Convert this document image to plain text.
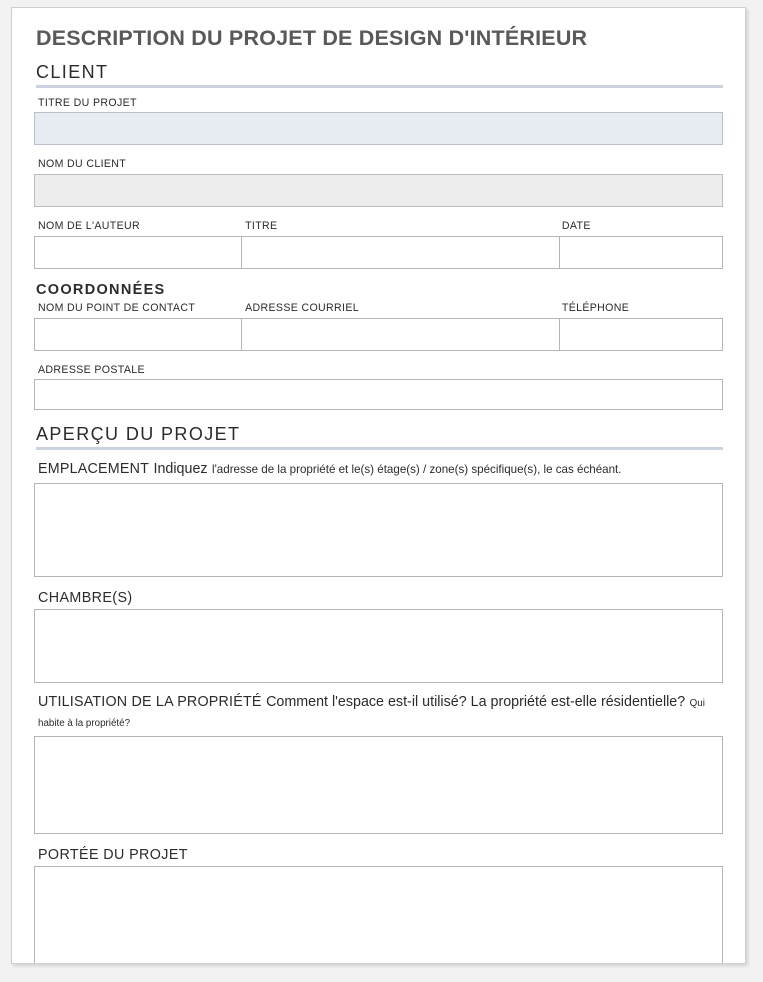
DESCRIPTION DU PROJET DE DESIGN D'INTÉRIEUR
CLIENT
TITRE DU PROJET
NOM DU CLIENT
NOM DE L'AUTEUR	TITRE	DATE
COORDONNÉES
NOM DU POINT DE CONTACT	ADRESSE COURRIEL	TÉLÉPHONE
ADRESSE POSTALE
APERÇU DU PROJET
EMPLACEMENT Indiquez l'adresse de la propriété et le(s) étage(s) / zone(s) spécifique(s), le cas échéant.
CHAMBRE(S)
UTILISATION DE LA PROPRIÉTÉ Comment l'espace est-il utilisé? La propriété est-elle résidentielle? Qui habite à la propriété?
PORTÉE DU PROJET
